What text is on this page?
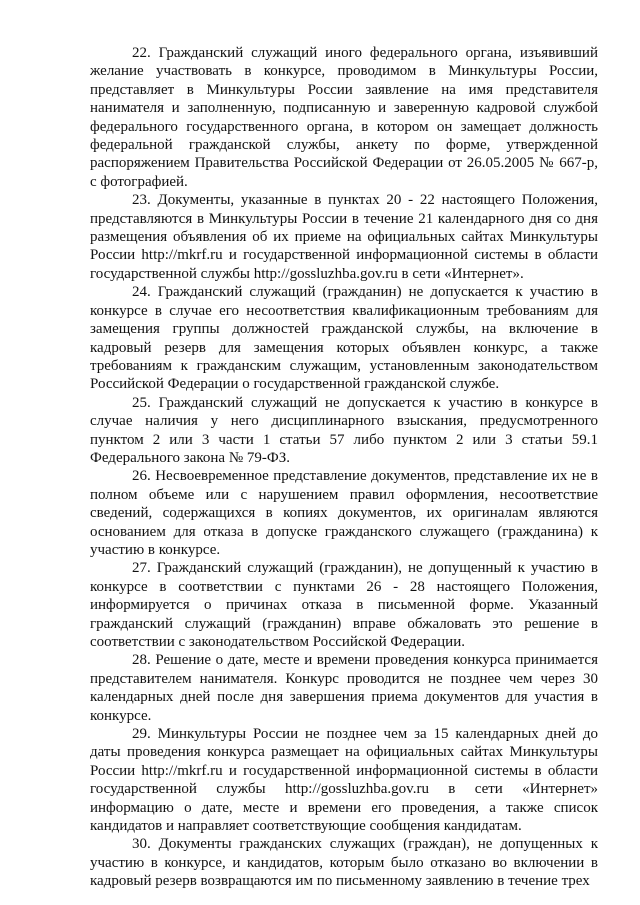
22. Гражданский служащий иного федерального органа, изъявивший желание участвовать в конкурсе, проводимом в Минкультуры России, представляет в Минкультуры России заявление на имя представителя нанимателя и заполненную, подписанную и заверенную кадровой службой федерального государственного органа, в котором он замещает должность федеральной гражданской службы, анкету по форме, утвержденной распоряжением Правительства Российской Федерации от 26.05.2005 № 667-р, с фотографией.

23. Документы, указанные в пунктах 20 - 22 настоящего Положения, представляются в Минкультуры России в течение 21 календарного дня со дня размещения объявления об их приеме на официальных сайтах Минкультуры России http://mkrf.ru и государственной информационной системы в области государственной службы http://gossluzhba.gov.ru в сети «Интернет».

24. Гражданский служащий (гражданин) не допускается к участию в конкурсе в случае его несоответствия квалификационным требованиям для замещения группы должностей гражданской службы, на включение в кадровый резерв для замещения которых объявлен конкурс, а также требованиям к гражданским служащим, установленным законодательством Российской Федерации о государственной гражданской службе.

25. Гражданский служащий не допускается к участию в конкурсе в случае наличия у него дисциплинарного взыскания, предусмотренного пунктом 2 или 3 части 1 статьи 57 либо пунктом 2 или 3 статьи 59.1 Федерального закона № 79-ФЗ.

26. Несвоевременное представление документов, представление их не в полном объеме или с нарушением правил оформления, несоответствие сведений, содержащихся в копиях документов, их оригиналам являются основанием для отказа в допуске гражданского служащего (гражданина) к участию в конкурсе.

27. Гражданский служащий (гражданин), не допущенный к участию в конкурсе в соответствии с пунктами 26 - 28 настоящего Положения, информируется о причинах отказа в письменной форме. Указанный гражданский служащий (гражданин) вправе обжаловать это решение в соответствии с законодательством Российской Федерации.

28. Решение о дате, месте и времени проведения конкурса принимается представителем нанимателя. Конкурс проводится не позднее чем через 30 календарных дней после дня завершения приема документов для участия в конкурсе.

29. Минкультуры России не позднее чем за 15 календарных дней до даты проведения конкурса размещает на официальных сайтах Минкультуры России http://mkrf.ru и государственной информационной системы в области государственной службы http://gossluzhba.gov.ru в сети «Интернет» информацию о дате, месте и времени его проведения, а также список кандидатов и направляет соответствующие сообщения кандидатам.

30. Документы гражданских служащих (граждан), не допущенных к участию в конкурсе, и кандидатов, которым было отказано во включении в кадровый резерв возвращаются им по письменному заявлению в течение трех
